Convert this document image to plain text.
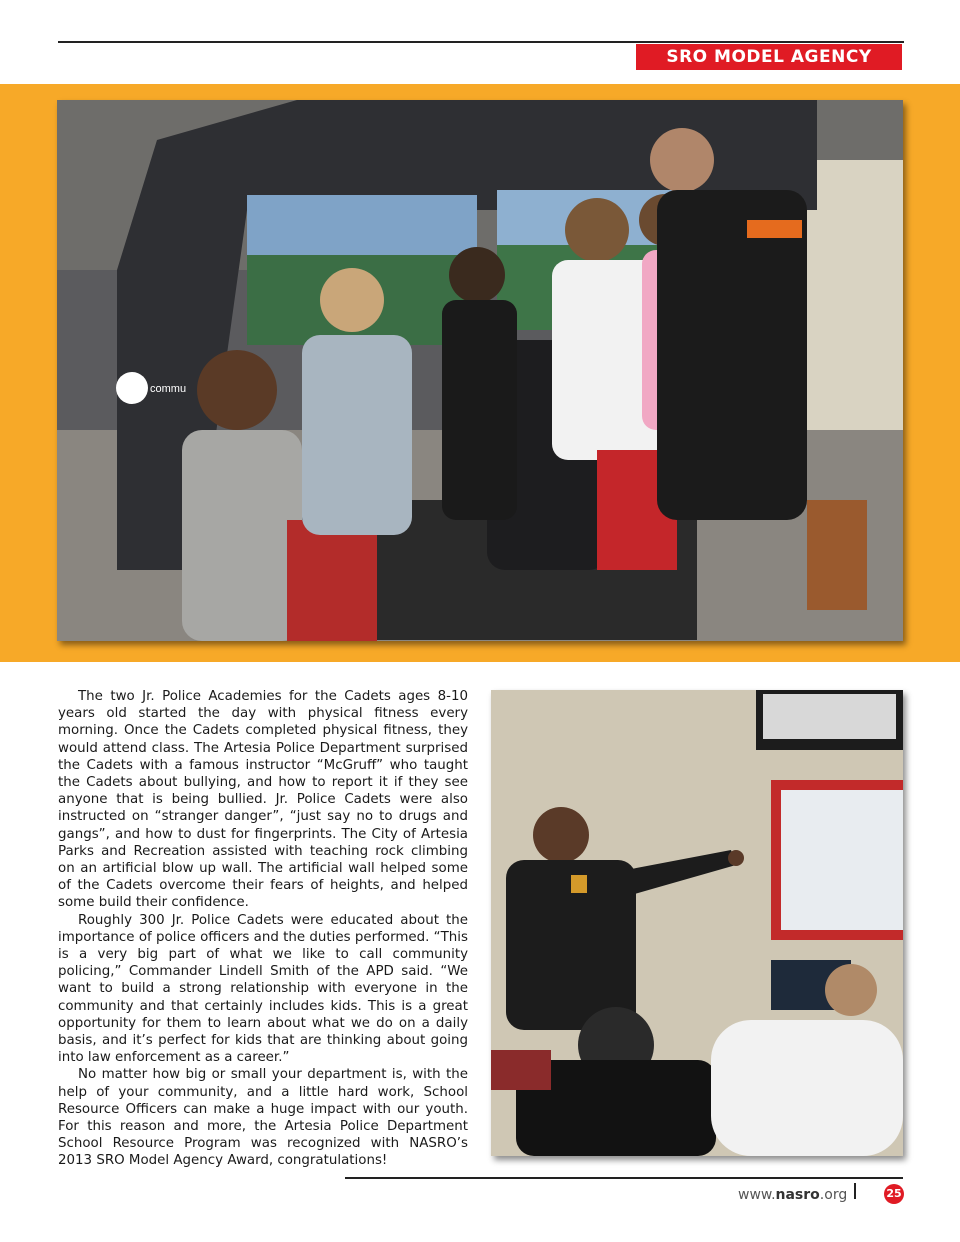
SRO MODEL AGENCY
commu

The two Jr. Police Academies for the Cadets ages 8-10 years old started the day with physical fitness every morning. Once the Cadets completed physical fitness, they would attend class. The Artesia Police Department surprised the Cadets with a famous instructor “McGruff” who taught the Cadets about bullying, and how to report it if they see anyone that is being bullied. Jr. Police Cadets were also instructed on “stranger danger”, “just say no to drugs and gangs”, and how to dust for fingerprints. The City of Artesia Parks and Recreation assisted with teaching rock climbing on an artificial blow up wall. The artificial wall helped some of the Cadets overcome their fears of heights, and helped some build their confidence.

Roughly 300 Jr. Police Cadets were educated about the importance of police officers and the duties performed. “This is a very big part of what we like to call community policing,” Commander Lindell Smith of the APD said. “We want to build a strong relationship with everyone in the community and that certainly includes kids. This is a great opportunity for them to learn about what we do on a daily basis, and it’s perfect for kids that are thinking about going into law enforcement as a career.”

No matter how big or small your department is, with the help of your community, and a little hard work, School Resource Officers can make a huge impact with our youth. For this reason and more, the Artesia Police Department School Resource Program was recognized with NASRO’s 2013 SRO Model Agency Award, congratulations!

www.nasro.org	25
